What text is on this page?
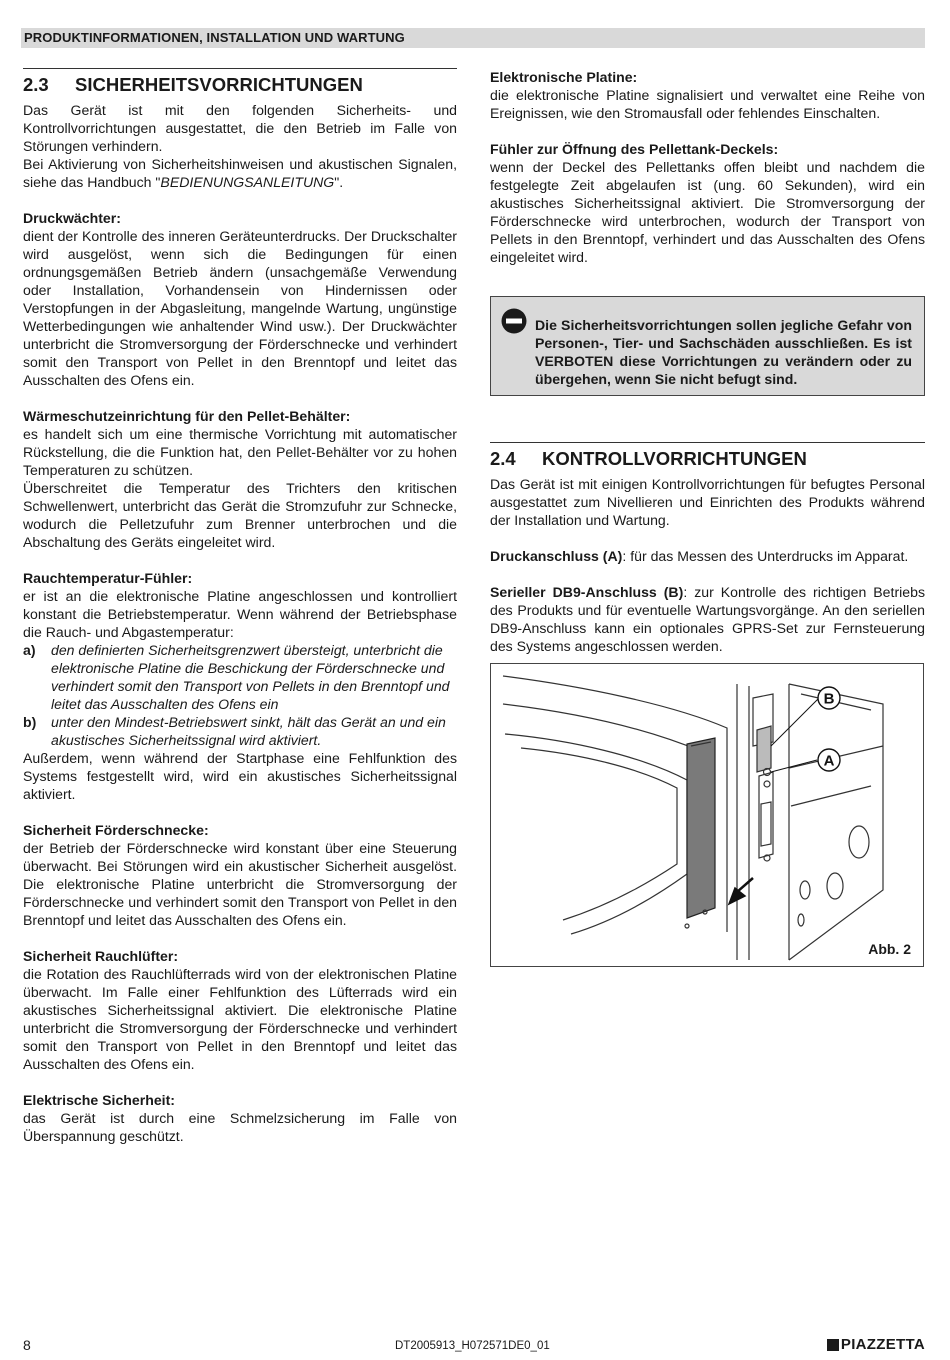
PRODUKTINFORMATIONEN, INSTALLATION UND WARTUNG
2.3 SICHERHEITSVORRICHTUNGEN

Das Gerät ist mit den folgenden Sicherheits- und Kontrollvorrichtungen ausgestattet, die den Betrieb im Falle von Störungen verhindern.

Bei Aktivierung von Sicherheitshinweisen und akustischen Signalen, siehe das Handbuch "BEDIENUNGSANLEITUNG".

Druckwächter:

dient der Kontrolle des inneren Geräteunterdrucks. Der Druckschalter wird ausgelöst, wenn sich die Bedingungen für einen ordnungsgemäßen Betrieb ändern (unsachgemäße Verwendung oder Installation, Vorhandensein von Hindernissen oder Verstopfungen in der Abgasleitung, mangelnde Wartung, ungünstige Wetterbedingungen wie anhaltender Wind usw.). Der Druckwächter unterbricht die Stromversorgung der Förderschnecke und verhindert somit den Transport von Pellet in den Brenntopf und leitet das Ausschalten des Ofens ein.

Wärmeschutzeinrichtung für den Pellet-Behälter:

es handelt sich um eine thermische Vorrichtung mit automatischer Rückstellung, die die Funktion hat, den Pellet-Behälter vor zu hohen Temperaturen zu schützen.

Überschreitet die Temperatur des Trichters den kritischen Schwellenwert, unterbricht das Gerät die Stromzufuhr zur Schnecke, wodurch die Pelletzufuhr zum Brenner unterbrochen und die Abschaltung des Geräts eingeleitet wird.

Rauchtemperatur-Fühler:

er ist an die elektronische Platine angeschlossen und kontrolliert konstant die Betriebstemperatur. Wenn während der Betriebsphase die Rauch- und Abgastemperatur:

a)	den definierten Sicherheitsgrenzwert übersteigt, unterbricht die elektronische Platine die Beschickung der Förderschnecke und verhindert somit den Transport von Pellets in den Brenntopf und leitet das Ausschalten des Ofens ein
b)	unter den Mindest-Betriebswert sinkt, hält das Gerät an und ein akustisches Sicherheitssignal wird aktiviert.

Außerdem, wenn während der Startphase eine Fehlfunktion des Systems festgestellt wird, wird ein akustisches Sicherheitssignal aktiviert.

Sicherheit Förderschnecke:

der Betrieb der Förderschnecke wird konstant über eine Steuerung überwacht. Bei Störungen wird ein akustischer Sicherheit ausgelöst. Die elektronische Platine unterbricht die Stromversorgung der Förderschnecke und verhindert somit den Transport von Pellet in den Brenntopf und leitet das Ausschalten des Ofens ein.

Sicherheit Rauchlüfter:

die Rotation des Rauchlüfterrads wird von der elektronischen Platine überwacht. Im Falle einer Fehlfunktion des Lüfterrads wird ein akustisches Sicherheitssignal aktiviert. Die elektronische Platine unterbricht die Stromversorgung der Förderschnecke und verhindert somit den Transport von Pellet in den Brenntopf und leitet das Ausschalten des Ofens ein.

Elektrische Sicherheit:

das Gerät ist durch eine Schmelzsicherung im Falle von Überspannung geschützt.

Elektronische Platine:

die elektronische Platine signalisiert und verwaltet eine Reihe von Ereignissen, wie den Stromausfall oder fehlendes Einschalten.

Fühler zur Öffnung des Pellettank-Deckels:

wenn der Deckel des Pellettanks offen bleibt und nachdem die festgelegte Zeit abgelaufen ist (ung. 60 Sekunden), wird ein akustisches Sicherheitssignal aktiviert. Die Stromversorgung der Förderschnecke wird unterbrochen, wodurch der Transport von Pellets in den Brenntopf, verhindert und das Ausschalten des Ofens eingeleitet wird.

Die Sicherheitsvorrichtungen sollen jegliche Gefahr von Personen-, Tier- und Sachschäden ausschließen. Es ist VERBOTEN diese Vorrichtungen zu verändern oder zu übergehen, wenn Sie nicht befugt sind.

2.4 KONTROLLVORRICHTUNGEN

Das Gerät ist mit einigen Kontrollvorrichtungen für befugtes Personal ausgestattet zum Nivellieren und Einrichten des Produkts während der Installation und Wartung.

Druckanschluss (A): für das Messen des Unterdrucks im Apparat.

Serieller DB9-Anschluss (B): zur Kontrolle des richtigen Betriebs des Produkts und für eventuelle Wartungsvorgänge. An den seriellen DB9-Anschluss kann ein optionales GPRS-Set zur Fernsteuerung des Systems angeschlossen werden.

B
A
Abb. 2
8	DT2005913_H072571DE0_01	PIAZZETTA
